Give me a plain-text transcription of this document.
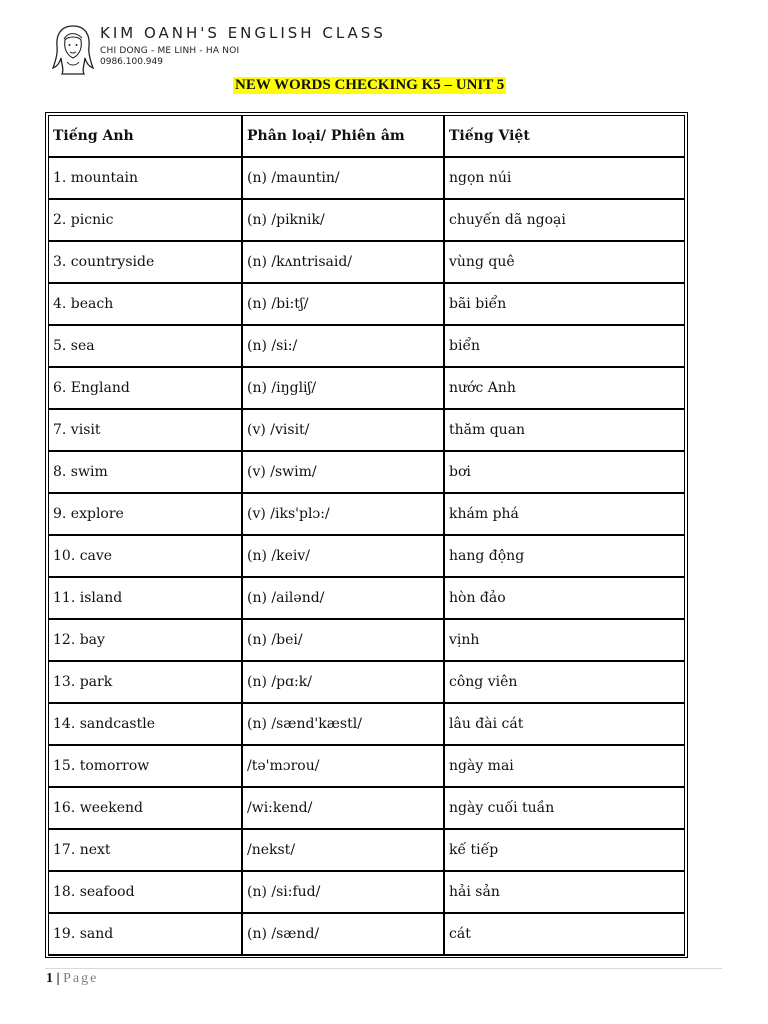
KIM OANH'S ENGLISH CLASS
CHI DONG - ME LINH - HA NOI
0986.100.949
NEW WORDS CHECKING K5 – UNIT 5
Tiếng Anh	Phân loại/ Phiên âm	Tiếng Việt
1. mountain	(n) /mauntin/	ngọn núi
2. picnic	(n) /piknik/	chuyến dã ngoại
3. countryside	(n) /kʌntrisaid/	vùng quê
4. beach	(n) /bi:tʃ/	bãi biển
5. sea	(n) /si:/	biển
6. England	(n) /iŋgliʃ/	nước Anh
7. visit	(v) /visit/	thăm quan
8. swim	(v) /swim/	bơi
9. explore	(v) /iks'plɔ:/	khám phá
10. cave	(n) /keiv/	hang động
11. island	(n) /ailənd/	hòn đảo
12. bay	(n) /bei/	vịnh
13. park	(n) /pɑ:k/	công viên
14. sandcastle	(n) /sænd'kæstl/	lâu đài cát
15. tomorrow	/tə'mɔrou/	ngày mai
16. weekend	/wi:kend/	ngày cuối tuần
17. next	/nekst/	kế tiếp
18. seafood	(n) /si:fud/	hải sản
19. sand	(n) /sænd/	cát
1 | Page
